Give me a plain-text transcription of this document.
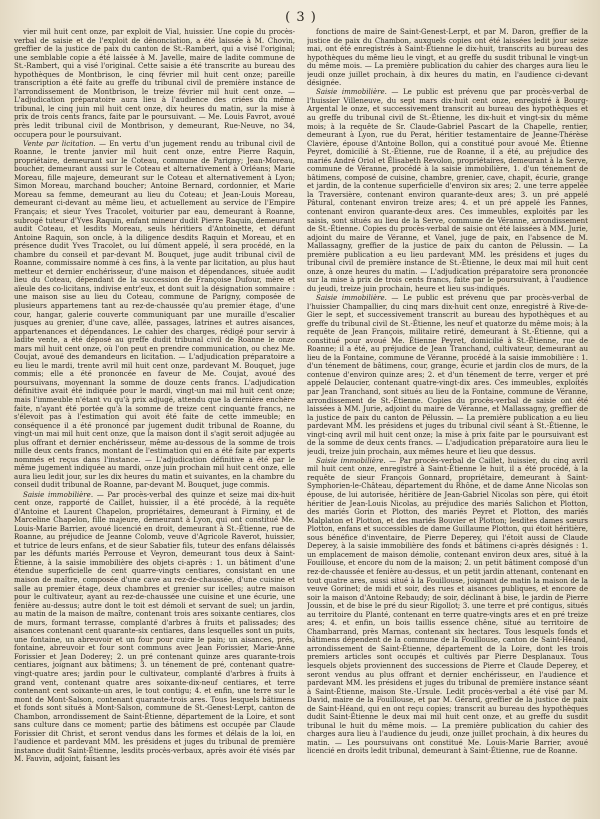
( 3 )

vier mil huit cent onze, par exploit de Vial, huissier. Une copie du procès-verbal de saisie et de l'exploit de dénonciation, a été laissée à M. Chovin, greffier de la justice de paix du canton de St.-Rambert, qui a visé l'original; une semblable copie a été laissée à M. Javelle, maire de ladite commune de St.-Rambert, qui a visé l'original. Cette saisie a été transcrite au bureau des hypothèques de Montbrison, le cinq février mil huit cent onze; pareille transcription a été faite au greffe du tribunal civil de première instance de l'arrondissement de Montbrison, le treize février mil huit cent onze. — L'adjudication préparatoire aura lieu à l'audience des criées du même tribunal, le cinq juin mil huit cent onze, dix heures du matin, sur la mise à prix de trois cents francs, faite par le poursuivant. — Me. Louis Favrot, avoué près ledit tribunal civil de Montbrison, y demeurant, Rue-Neuve, no 34, occupera pour le poursuivant.

Vente par licitation. — En vertu d'un jugement rendu au tribunal civil de Roanne, le trente janvier mil huit cent onze, entre Pierre Raquin, propriétaire, demeurant sur le Coteau, commune de Parigny; Jean-Moreau, boucher, demeurant aussi sur le Coteau et alternativement à Orléans; Marie Moreau, fille majeure, demeurant sur le Coteau et alternativement à Lyon; Simon Moreau, marchand boucher; Antoine Bernard, cordonnier, et Marie Moreau sa femme, demeurant au lieu du Coteau; et Jean-Louis Moreau, demeurant ci-devant au même lieu, et actuellement au service de l'Empire Français; et sieur Yves Tracolet, voiturier par eau, demeurant à Roanne, subrogé tuteur d'Yves Raquin, enfant mineur dudit Pierre Raquin, demeurant audit Coteau, et lesdits Moreau, seuls héritiers d'Antoinette, et défunt Antoine Raquin, son oncle, à la diligence desdits Raquin et Moreau, et en présence dudit Yves Tracolet, ou lui dûment appelé, il sera procédé, en la chambre du conseil et par-devant M. Bouquet, juge audit tribunal civil de Roanne, commissaire nommé à ces fins, à la vente par licitation, au plus haut metteur et dernier enchérisseur, d'une maison et dépendances, située audit lieu du Coteau, dépendant de la succession de Françoise Dufour, mère et aïeule des co-licitans, indivise entr'eux, et dont suit la désignation sommaire : une maison sise au lieu du Coteau, commune de Parigny, composée de plusieurs appartemens tant au rez-de-chaussée qu'au premier étage, d'une cour, hangar, galerie couverte communiquant par une muraille d'escalier jusques au grenier, d'une cave, allée, passages, latrines et autres aisances, appartenances et dépendances. Le cahier des charges, rédigé pour servir à ladite vente, a été déposé au greffe dudit tribunal civil de Roanne le onze mars mil huit cent onze, où l'on peut en prendre communication, ou chez Me. Coujat, avoué des demandeurs en licitation. — L'adjudication préparatoire a eu lieu le mardi, trente avril mil huit cent onze, pardevant M. Bouquet, juge commis; elle a été prononcée en faveur de Me. Coujat, avoué des poursuivans, moyennant la somme de douze cents francs. L'adjudication définitive avait été indiquée pour le mardi, vingt-un mai mil huit cent onze; mais l'immeuble n'étant vu qu'à prix adjugé, attendu que la dernière enchère faite, n'ayant été portée qu'à la somme de treize cent cinquante francs, ne s'élevoit pas à l'estimation qui avoit été faite de cette immeuble; en conséquence il a été prononcé par jugement dudit tribunal de Roanne, du vingt-un mai mil huit cent onze, que la maison dont il s'agit seroit adjugée au plus offrant et dernier enchérisseur, même au-dessous de la somme de trois mille deux cents francs, montant de l'estimation qui en a été faite par experts nommés et reçus dans l'instance. — L'adjudication définitive a été par le même jugement indiquée au mardi, onze juin prochain mil huit cent onze, elle aura lieu ledit jour, sur les dix heures du matin et suivantes, en la chambre du conseil dudit tribunal de Roanne, par-devant M. Bouquet, juge commis.

Saisie immobilière. — Par procès-verbal des quinze et seize mai dix-huit cent onze, rapporté de Caillet, huissier, il a été procédé, à la requête d'Antoine et Laurent Chapelon, propriétaires, demeurant à Firminy, et de Marceline Chapelon, fille majeure, demeurant à Lyon, qui ont constitué Me. Louis-Marie Barrier, avoué licencié en droit, demeurant à St.-Étienne, rue de Roanne, au préjudice de Jeanne Colomb, veuve d'Agricole Raverot, huissier, et tutrice de leurs enfans, et de sieur Sabatier fils, tuteur des enfans délaissés par les défunts mariés Perrouse et Veyron, demeurant tous deux à Saint-Étienne, à la saisie immobilière des objets ci-après : 1. un bâtiment d'une étendue superficielle de cent quarre-vingts centiares, consistant en une maison de maître, composée d'une cave au rez-de-chaussée, d'une cuisine et salle au premier étage, deux chambres et grenier sur icelles; autre maison pour le cultivateur, ayant au rez-de-chaussée une cuisine et une écurie, une fenière au-dessus; autre dont le toit est démoli et servant de suel; un jardin, au matin de la maison de maître, contenant trois ares soixante centiares, clos de murs, formant terrasse, complanté d'arbres à fruits et palissades; des aisances contenant cent quarante-six centiares, dans lesquelles sont un puits, une fontaine, un abreuvoir et un four pour cuire le pain; un aisances, prés, fontaine, abreuvoir et four sont communs avec Jean Forissier, Marie-Anne Forissier et Jean Doderey; 2. un pré contenant quinze ares quarante-trois centiares, joignant aux bâtimens; 3. un ténement de pré, contenant quatre-vingt-quatre ares; jardin pour le cultivateur, complanté d'arbres à fruits à grand vent, contenant quatre ares soixante-dix-neuf centiares, et terre contenant cent soixante-un ares, le tout contigu; 4. et enfin, une terre sur le mont de Mont-Salson, contenant quarante-trois ares. Tous lesquels bâtimens et fonds sont situés à Mont-Salson, commune de St.-Genest-Lerpt, canton de Chambon, arrondissement de Saint-Étienne, département de la Loire, et sont sans culture dans ce moment; partie des bâtimens est occupée par Claude Forissier dit Christ, et seront vendus dans les formes et délais de la loi, en l'audience et pardevant MM. les présidens et juges du tribunal de première instance dudit Saint-Étienne, lesdits procès-verbaux, après avoir été visés par M. Fauvin, adjoint, faisant les

fonctions de maire de Saint-Genest-Lerpt, et par M. Daron, greffier de la justice de paix du Chambon, auxquels copies ont été laissées ledit jour seize mai, ont été enregistrés à Saint-Étienne le dix-huit, transcrits au bureau des hypothèques du même lieu le vingt, et au greffe du susdit tribunal le vingt-un du même mois. — La première publication du cahier des charges aura lieu le jeudi onze juillet prochain, à dix heures du matin, en l'audience ci-devant désignée.

Saisie immobilière. — Le public est prévenu que par procès-verbal de l'huissier Villeneuve, du sept mars dix-huit cent onze, enregistré à Bourg-Argental le onze, et successivement transcrit au bureau des hypothèques et au greffe du tribunal civil de St.-Étienne, les dix-huit et vingt-six du même mois; à la requête de Sr. Claude-Gabriel Pascart de la Chapelle, rentier, demeurant à Lyon, rue du Perat, héritier testamentaire de Jeanne-Thérèse Clavière, épouse d'Antoine Bollon, qui a constitué pour avoué Me. Étienne Peyret, domicilié à St.-Étienne, rue de Roanne, il a été, au préjudice des mariés André Oriol et Élisabeth Revolon, propriétaires, demeurant à la Serve, commune de Véranne, procédé à la saisie immobilière, 1. d'un ténement de bâtimens, composé de cuisine, chambre, grenier, cave, chapit, écurie, grange et jardin, de la contenue superficielle d'environ six ares; 2. une terre appelée la Traversière, contenant environ quarante-deux ares; 3. un pré appelé Pâtural, contenant environ treize ares; 4. et un pré appelé les Fannes, contenant environ quarante-deux ares. Ces immeubles, exploités par les saisis, sont situés au lieu de la Serve, commune de Véranne, arrondissement de St.-Étienne. Copies du procès-verbal de saisie ont été laissées à MM. Jurie, adjoint du maire de Véranne, et Vanel, juge de paix, en l'absence de M. Mallassagny, greffier de la justice de paix du canton de Pélussin. — La première publication a eu lieu pardevant MM. les présidens et juges du tribunal civil de première instance de St.-Étienne, le deux mai mil huit cent onze, à onze heures du matin. — L'adjudication préparatoire sera prononcée sur la mise à prix de trois cents francs, faite par le poursuivant, à l'audience du jeudi, treize juin prochain, heure et lieu sus-indiqués.

Saisie immobilière. — Le public est prévenu que par procès-verbal de l'huissier Champallier, du cinq mars dix-huit cent onze, enregistré à Rive-de-Gier le sept, et successivement transcrit au bureau des hypothèques et au greffe du tribunal civil de St.-Étienne, les neuf et quatorze du même mois; à la requête de Jean François, militaire retiré, demeurant à St.-Étienne, qui a constitué pour avoué Me. Étienne Peyret, domicilié à St.-Étienne, rue de Roanne; il a été, au préjudice de Jean Tranchand, cultivateur, demeurant au lieu de la Fontaine, commune de Véranne, procédé à la saisie immobilière : 1. d'un ténement de bâtimens, cour, grange, écurie et jardin clos de murs, de la contenue d'environ quinze ares; 2. et d'un ténement de terre, verger et pré appelé Delaucier, contenant quatre-vingt-dix ares. Ces immeubles, exploités par Jean Tranchand, sont situés au lieu de la Fontaine, commune de Véranne, arrondissement de St.-Étienne. Copies du procès-verbal de saisie ont été laissées à MM. Jurie, adjoint du maire de Véranne, et Mallassagny, greffier de la justice de paix du canton de Pélussin. — La première publication a eu lieu pardevant MM. les présidens et juges du tribunal civil séant à St.-Étienne, le vingt-cinq avril mil huit cent onze; la mise à prix faite par le poursuivant est de la somme de deux cents francs. — L'adjudication préparatoire aura lieu le jeudi, treize juin prochain, aux mêmes heure et lieu que dessus.

Saisie immobilière. — Par procès-verbal de Caillet, huissier, du cinq avril mil huit cent onze, enregistré à Saint-Étienne le huit, il a été procédé, à la requête de sieur François Gonnard, propriétaire, demeurant à Saint-Symphorien-le-Château, département du Rhône, et de dame Anne Nicolas son épouse, de lui autorisée, héritière de Jean-Gabriel Nicolas son père, qui étoit héritier de Jean-Louis Nicolas, au préjudice des mariés Salichon et Plotton, des mariés Gorin et Plotton, des mariés Peyret et Plotton, des mariés Malplaton et Plotton, et des mariés Bouvier et Plotton; lesdites dames sœurs Plotton, enfans et successibles de dame Guillaume Plotton, qui étoit héritière, sous bénéfice d'inventaire, de Pierre Deperey, qui l'étoit aussi de Claude Deperey, à la saisie immobilière des fonds et bâtimens ci-après désignés : 1. un emplacement de maison démolie, contenant environ deux ares, situé à la Fouillouse, et encore du nom de la maison; 2. un petit bâtiment composé d'un rez-de-chaussée et fenière au-dessus, et un petit jardin attenant, contenant en tout quatre ares, aussi situé à la Fouillouse, joignant de matin la maison de la veuve Gorinet; de midi et soir, des rues et aisances publiques, et encore de soir la maison d'Antoine Rebaudy; de soir, déclinant à bise, le jardin de Pierre Joussin, et de bise le pré du sieur Rigollot; 3. une terre et pré contigus, situés au territoire du Planté, contenant en terre quatre-vingts ares et en pré treize ares; 4. et enfin, un bois taillis essence chêne, situé au territoire de Chambarrand, près Marnas, contenant six hectares. Tous lesquels fonds et bâtimens dépendent de la commune de la Fouillouse, canton de Saint-Héand, arrondissement de Saint-Étienne, département de la Loire, dont les trois premiers articles sont occupés et cultivés par Pierre Desplanaux. Tous lesquels objets proviennent des successions de Pierre et Claude Deperey, et seront vendus au plus offrant et dernier enchérisseur, en l'audience et pardevant MM. les présidens et juges du tribunal de première instance séant à Saint-Étienne, maison Ste.-Ursule. Ledit procès-verbal a été visé par M. David, maire de la Fouillouse, et par M. Gérard, greffier de la justice de paix de Saint-Héand, qui en ont reçu copies; transcrit au bureau des hypothèques dudit Saint-Étienne le deux mai mil huit cent onze, et au greffe du susdit tribunal le huit du même mois. — La première publication du cahier des charges aura lieu à l'audience du jeudi, onze juillet prochain, à dix heures du matin. — Les poursuivans ont constitué Me. Louis-Marie Barrier, avoué licencié en droits ledit tribunal, demeurant à Saint-Étienne, rue de Roanne.
